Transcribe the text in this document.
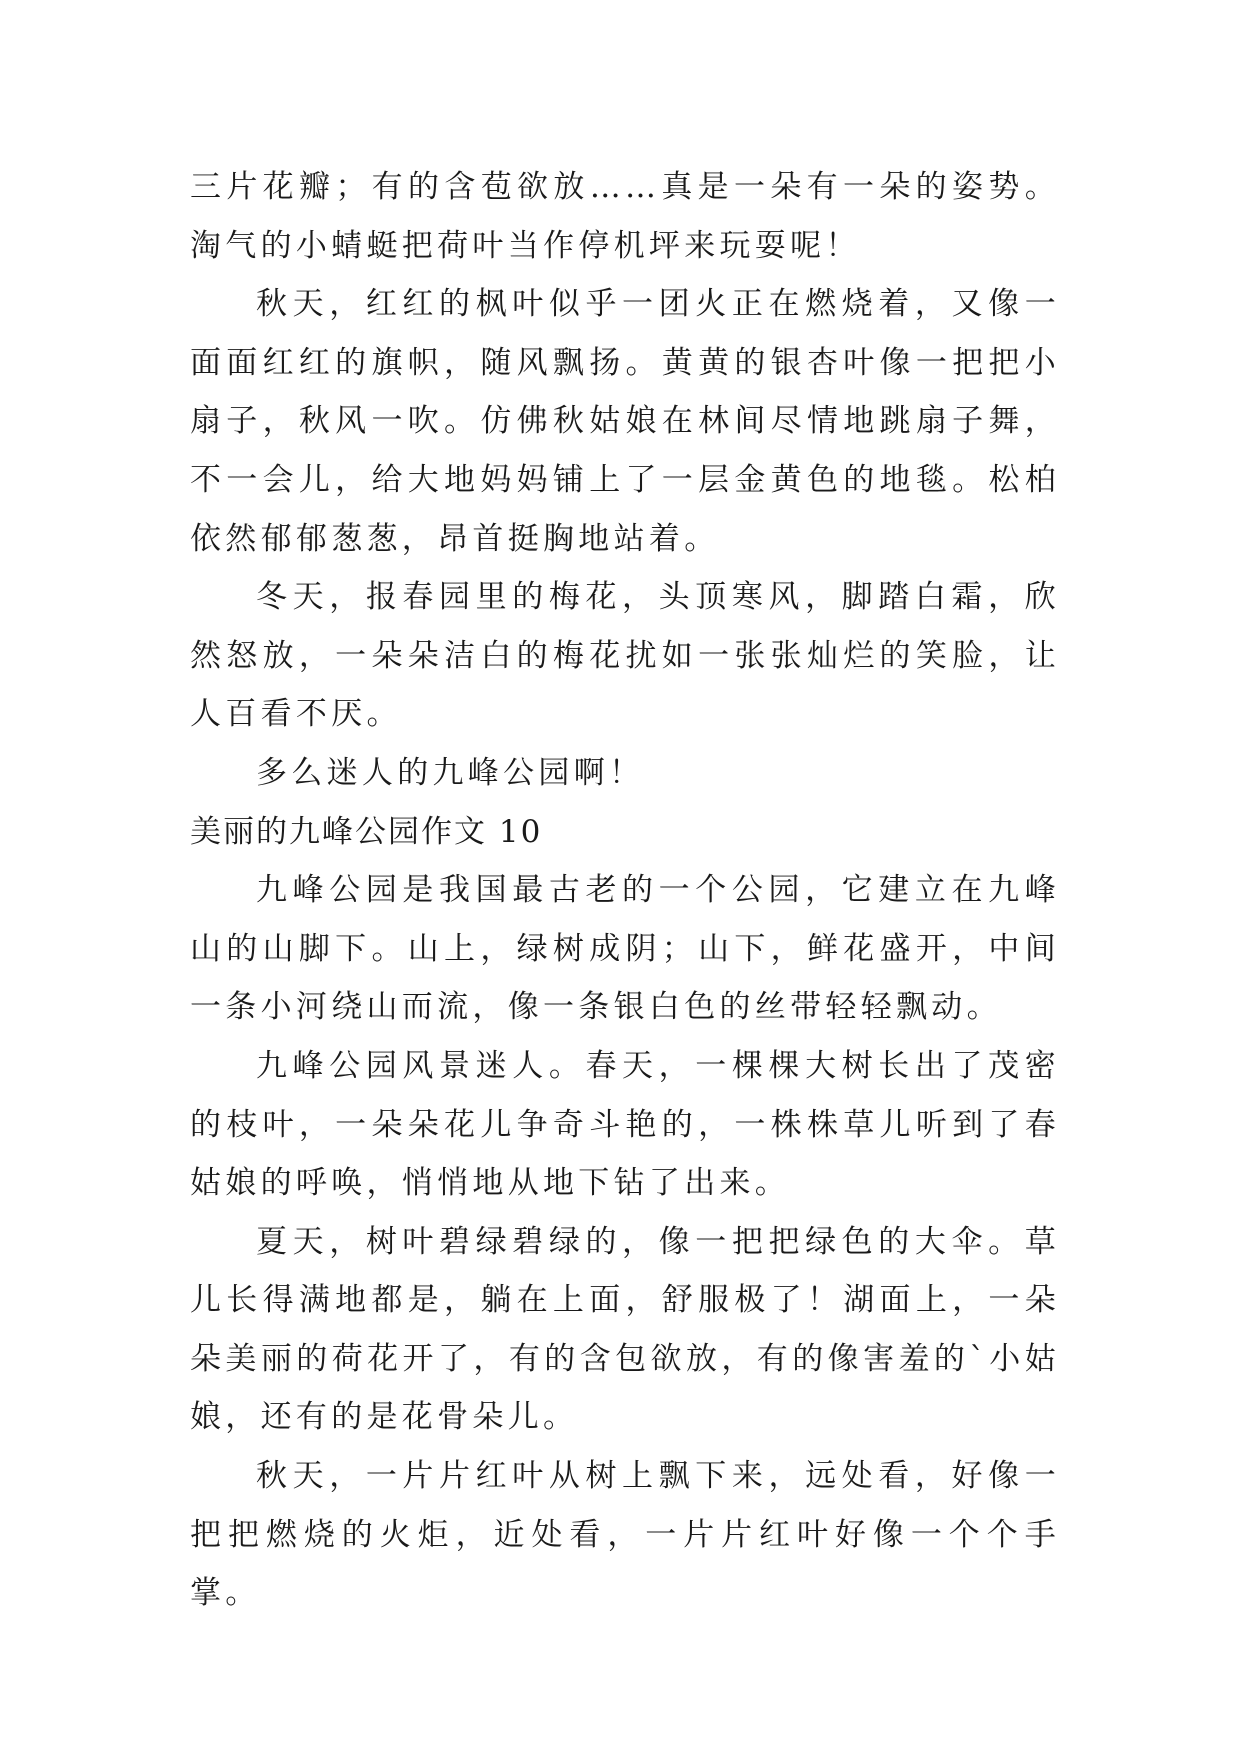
三片花瓣；有的含苞欲放……真是一朵有一朵的姿势。淘气的小蜻蜓把荷叶当作停机坪来玩耍呢！

秋天，红红的枫叶似乎一团火正在燃烧着，又像一面面红红的旗帜，随风飘扬。黄黄的银杏叶像一把把小扇子，秋风一吹。仿佛秋姑娘在林间尽情地跳扇子舞，不一会儿，给大地妈妈铺上了一层金黄色的地毯。松柏依然郁郁葱葱，昂首挺胸地站着。

冬天，报春园里的梅花，头顶寒风，脚踏白霜，欣然怒放，一朵朵洁白的梅花扰如一张张灿烂的笑脸，让人百看不厌。

多么迷人的九峰公园啊！

美丽的九峰公园作文 10

九峰公园是我国最古老的一个公园，它建立在九峰山的山脚下。山上，绿树成阴；山下，鲜花盛开，中间一条小河绕山而流，像一条银白色的丝带轻轻飘动。

九峰公园风景迷人。春天，一棵棵大树长出了茂密的枝叶，一朵朵花儿争奇斗艳的，一株株草儿听到了春姑娘的呼唤，悄悄地从地下钻了出来。

夏天，树叶碧绿碧绿的，像一把把绿色的大伞。草儿长得满地都是，躺在上面，舒服极了！湖面上，一朵朵美丽的荷花开了，有的含包欲放，有的像害羞的`小姑娘，还有的是花骨朵儿。

秋天，一片片红叶从树上飘下来，远处看，好像一把把燃烧的火炬，近处看，一片片红叶好像一个个手掌。
